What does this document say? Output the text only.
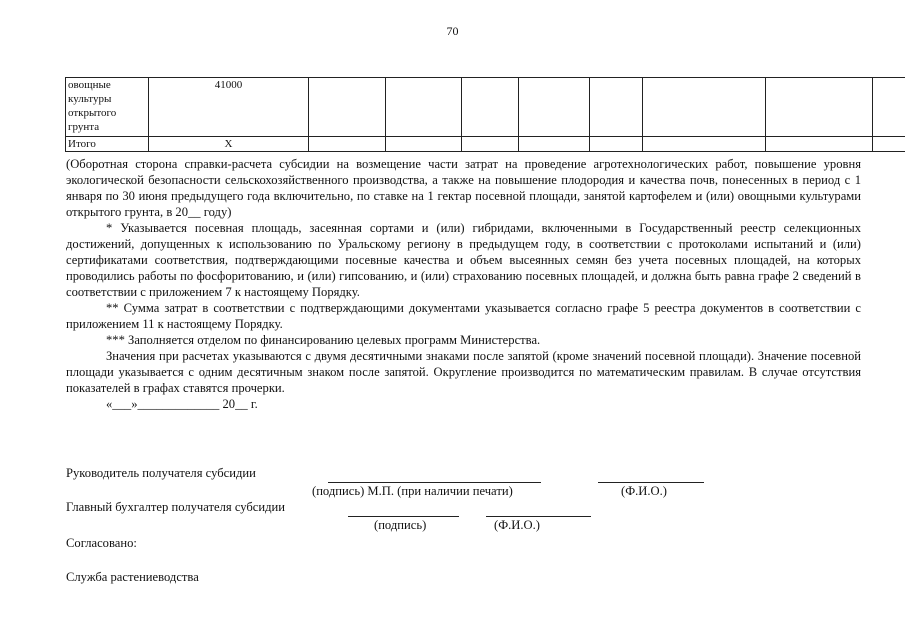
70
овощные культуры открытого грунта	41000								
Итого	X								

(Оборотная сторона справки-расчета субсидии на возмещение части затрат на проведение агротехнологических работ, повышение уровня экологической безопасности сельскохозяйственного производства, а также на повышение плодородия и качества почв, понесенных в период с 1 января по 30 июня предыдущего года включительно, по ставке на 1 гектар посевной площади, занятой картофелем и (или) овощными культурами открытого грунта, в 20__ году)

* Указывается посевная площадь, засеянная сортами и (или) гибридами, включенными в Государственный реестр селекционных достижений, допущенных к использованию по Уральскому региону в предыдущем году, в соответствии с протоколами испытаний и (или) сертификатами соответствия, подтверждающими посевные качества и объем высеянных семян без учета посевных площадей, на которых проводились работы по фосфоритованию, и (или) гипсованию, и (или) страхованию посевных площадей, и должна быть равна графе 2 сведений в соответствии с приложением 7 к настоящему Порядку.

** Сумма затрат в соответствии с подтверждающими документами указывается согласно графе 5 реестра документов в соответствии с приложением 11 к настоящему Порядку.

*** Заполняется отделом по финансированию целевых программ Министерства.

Значения при расчетах указываются с двумя десятичными знаками после запятой (кроме значений посевной площади). Значение посевной площади указывается с одним десятичным знаком после запятой. Округление производится по математическим правилам. В случае отсутствия показателей в графах ставятся прочерки.

«___»_____________ 20__ г.

Руководитель получателя субсидии
(подпись) М.П. (при наличии печати)	(Ф.И.О.)
Главный бухгалтер получателя субсидии
(подпись)	(Ф.И.О.)
Согласовано:
Служба растениеводства
